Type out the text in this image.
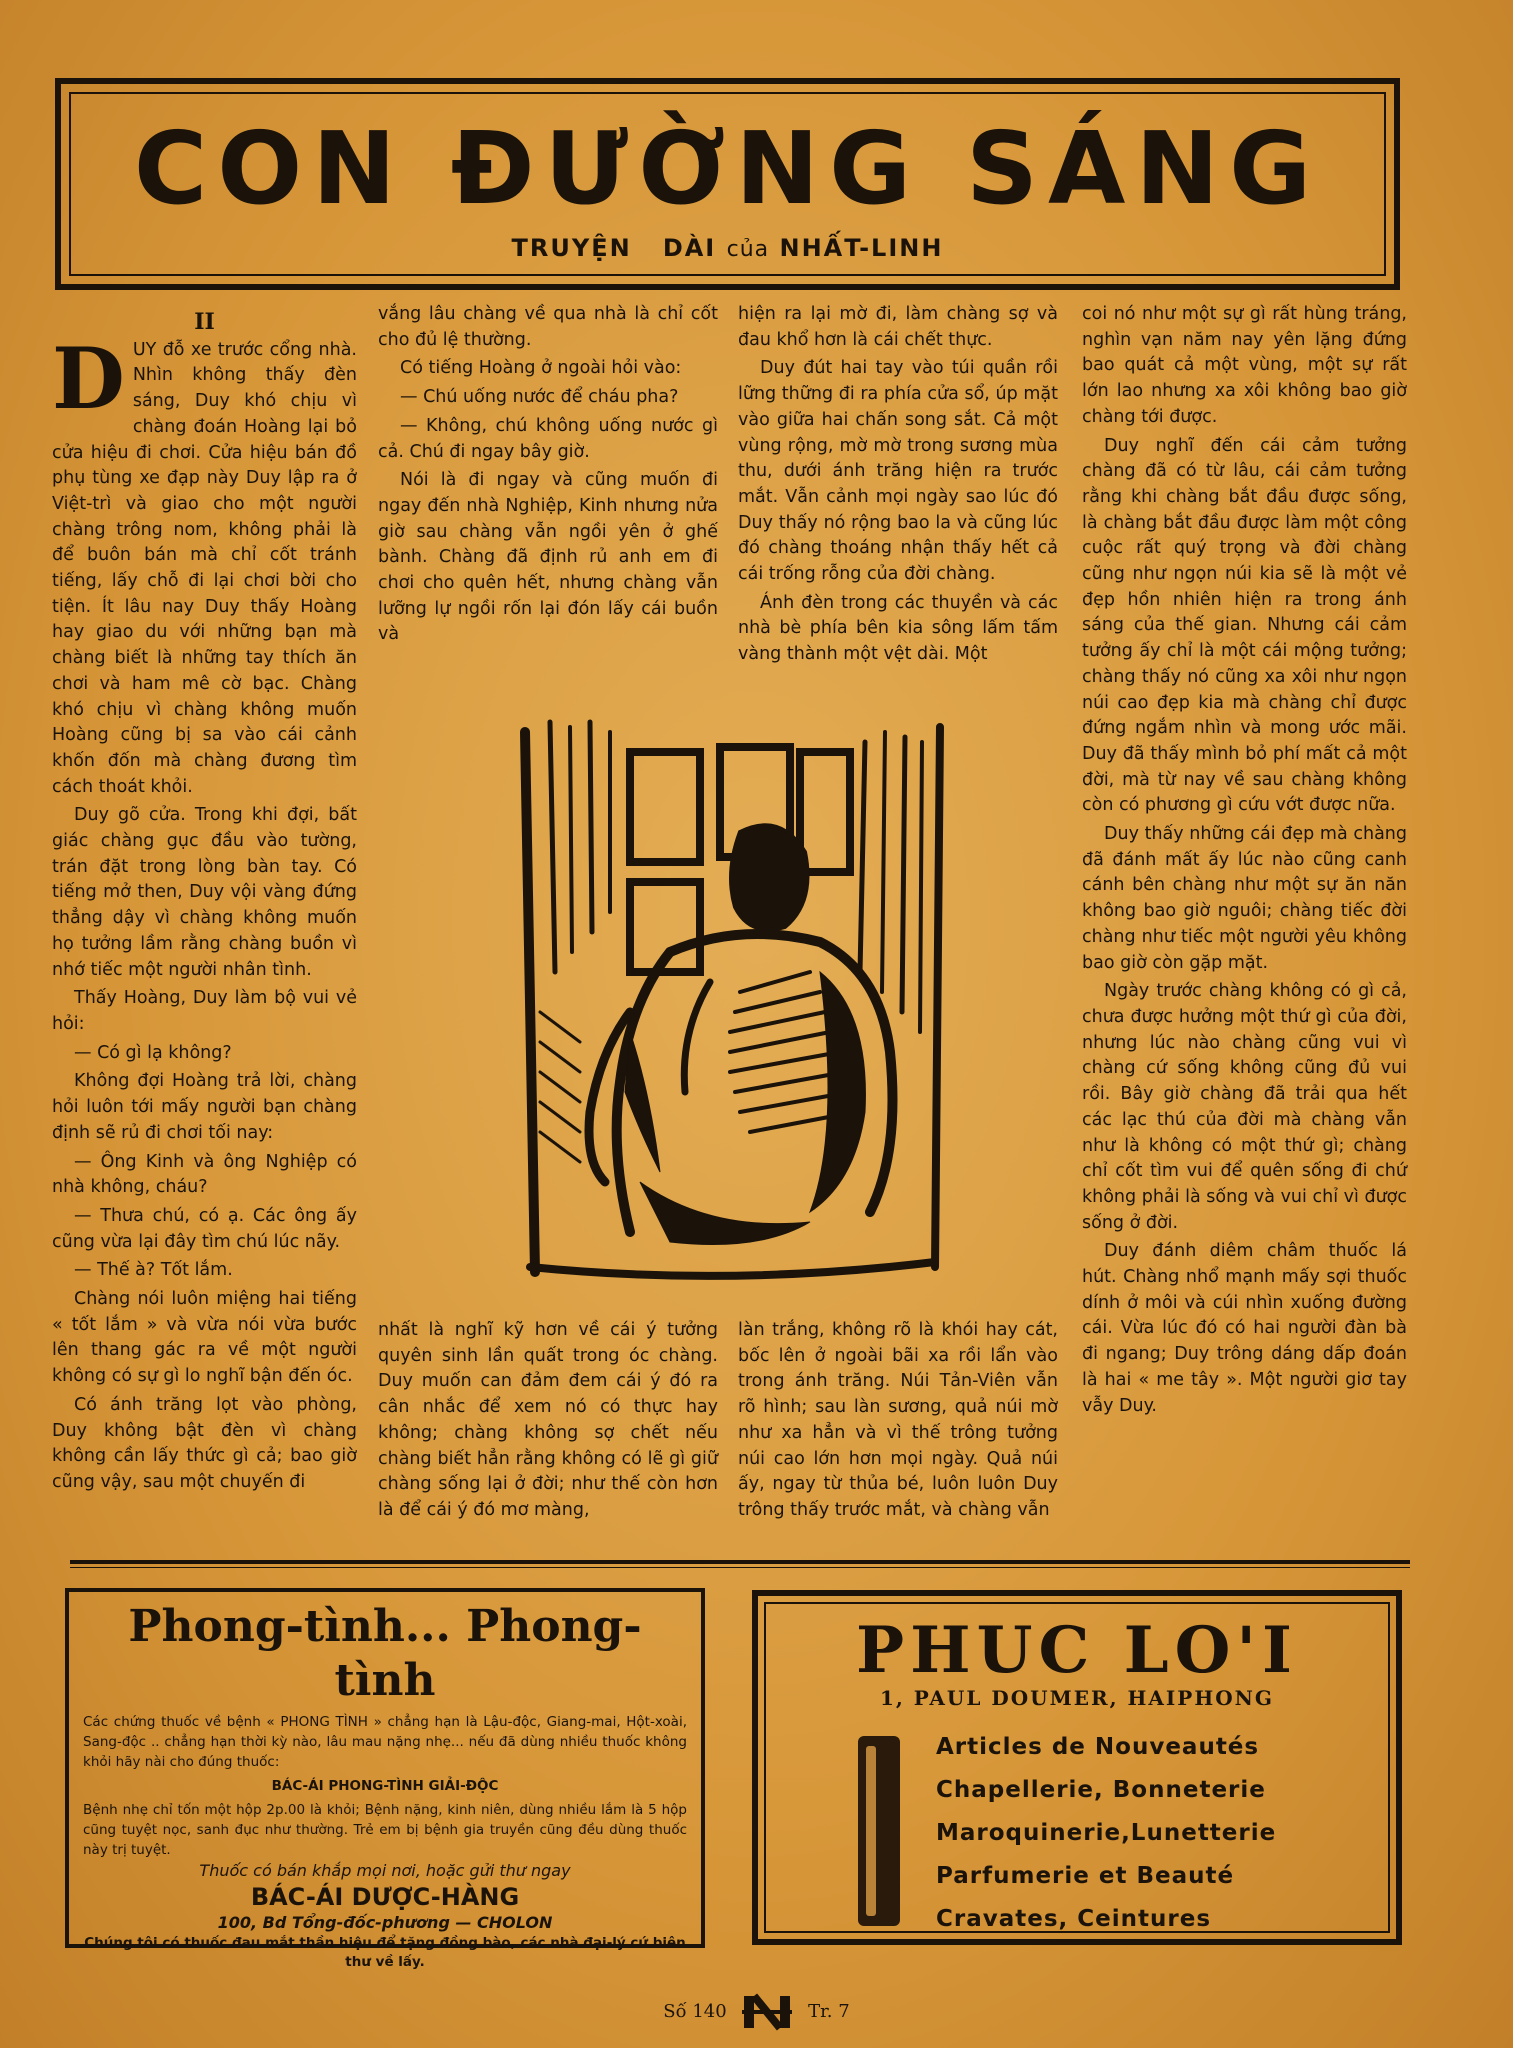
CON ĐƯỜNG SÁNG
TRUYỆN DÀI của NHẤT-LINH
II
D UY đỗ xe trước cổng nhà. Nhìn không thấy đèn sáng, Duy khó chịu vì chàng đoán Hoàng lại bỏ cửa hiệu đi chơi. Cửa hiệu bán đồ phụ tùng xe đạp này Duy lập ra ở Việt-trì và giao cho một người chàng trông nom, không phải là để buôn bán mà chỉ cốt tránh tiếng, lấy chỗ đi lại chơi bời cho tiện. Ít lâu nay Duy thấy Hoàng hay giao du với những bạn mà chàng biết là những tay thích ăn chơi và ham mê cờ bạc. Chàng khó chịu vì chàng không muốn Hoàng cũng bị sa vào cái cảnh khốn đốn mà chàng đương tìm cách thoát khỏi.

Duy gõ cửa. Trong khi đợi, bất giác chàng gục đầu vào tường, trán đặt trong lòng bàn tay. Có tiếng mở then, Duy vội vàng đứng thẳng dậy vì chàng không muốn họ tưởng lầm rằng chàng buồn vì nhớ tiếc một người nhân tình.

Thấy Hoàng, Duy làm bộ vui vẻ hỏi:

— Có gì lạ không?

Không đợi Hoàng trả lời, chàng hỏi luôn tới mấy người bạn chàng định sẽ rủ đi chơi tối nay:

— Ông Kinh và ông Nghiệp có nhà không, cháu?

— Thưa chú, có ạ. Các ông ấy cũng vừa lại đây tìm chú lúc nãy.

— Thế à? Tốt lắm.

Chàng nói luôn miệng hai tiếng « tốt lắm » và vừa nói vừa bước lên thang gác ra về một người không có sự gì lo nghĩ bận đến óc.

Có ánh trăng lọt vào phòng, Duy không bật đèn vì chàng không cần lấy thức gì cả; bao giờ cũng vậy, sau một chuyến đi

vắng lâu chàng về qua nhà là chỉ cốt cho đủ lệ thường.

Có tiếng Hoàng ở ngoài hỏi vào:

— Chú uống nước để cháu pha?

— Không, chú không uống nước gì cả. Chú đi ngay bây giờ.

Nói là đi ngay và cũng muốn đi ngay đến nhà Nghiệp, Kinh nhưng nửa giờ sau chàng vẫn ngồi yên ở ghế bành. Chàng đã định rủ anh em đi chơi cho quên hết, nhưng chàng vẫn lưỡng lự ngồi rốn lại đón lấy cái buồn và

hiện ra lại mờ đi, làm chàng sợ và đau khổ hơn là cái chết thực.

Duy đút hai tay vào túi quần rồi lững thững đi ra phía cửa sổ, úp mặt vào giữa hai chấn song sắt. Cả một vùng rộng, mờ mờ trong sương mùa thu, dưới ánh trăng hiện ra trước mắt. Vẫn cảnh mọi ngày sao lúc đó Duy thấy nó rộng bao la và cũng lúc đó chàng thoáng nhận thấy hết cả cái trống rỗng của đời chàng.

Ánh đèn trong các thuyền và các nhà bè phía bên kia sông lấm tấm vàng thành một vệt dài. Một

nhất là nghĩ kỹ hơn về cái ý tưởng quyên sinh lần quất trong óc chàng. Duy muốn can đảm đem cái ý đó ra cân nhắc để xem nó có thực hay không; chàng không sợ chết nếu chàng biết hẳn rằng không có lẽ gì giữ chàng sống lại ở đời; như thế còn hơn là để cái ý đó mơ màng,

làn trắng, không rõ là khói hay cát, bốc lên ở ngoài bãi xa rồi lẩn vào trong ánh trăng. Núi Tản-Viên vẫn rõ hình; sau làn sương, quả núi mờ như xa hẳn và vì thế trông tưởng núi cao lớn hơn mọi ngày. Quả núi ấy, ngay từ thủa bé, luôn luôn Duy trông thấy trước mắt, và chàng vẫn

coi nó như một sự gì rất hùng tráng, nghìn vạn năm nay yên lặng đứng bao quát cả một vùng, một sự rất lớn lao nhưng xa xôi không bao giờ chàng tới được.

Duy nghĩ đến cái cảm tưởng chàng đã có từ lâu, cái cảm tưởng rằng khi chàng bắt đầu được sống, là chàng bắt đầu được làm một công cuộc rất quý trọng và đời chàng cũng như ngọn núi kia sẽ là một vẻ đẹp hồn nhiên hiện ra trong ánh sáng của thế gian. Nhưng cái cảm tưởng ấy chỉ là một cái mộng tưởng; chàng thấy nó cũng xa xôi như ngọn núi cao đẹp kia mà chàng chỉ được đứng ngắm nhìn và mong ước mãi. Duy đã thấy mình bỏ phí mất cả một đời, mà từ nay về sau chàng không còn có phương gì cứu vớt được nữa.

Duy thấy những cái đẹp mà chàng đã đánh mất ấy lúc nào cũng canh cánh bên chàng như một sự ăn năn không bao giờ nguôi; chàng tiếc đời chàng như tiếc một người yêu không bao giờ còn gặp mặt.

Ngày trước chàng không có gì cả, chưa được hưởng một thứ gì của đời, nhưng lúc nào chàng cũng vui vì chàng cứ sống không cũng đủ vui rồi. Bây giờ chàng đã trải qua hết các lạc thú của đời mà chàng vẫn như là không có một thứ gì; chàng chỉ cốt tìm vui để quên sống đi chứ không phải là sống và vui chỉ vì được sống ở đời.

Duy đánh diêm châm thuốc lá hút. Chàng nhổ mạnh mấy sợi thuốc dính ở môi và cúi nhìn xuống đường cái. Vừa lúc đó có hai người đàn bà đi ngang; Duy trông dáng dấp đoán là hai « me tây ». Một người giơ tay vẫy Duy.

Phong-tình... Phong-tình
Các chứng thuốc về bệnh « PHONG TÌNH » chẳng hạn là Lậu-độc, Giang-mai, Hột-xoài, Sang-độc .. chẳng hạn thời kỳ nào, lâu mau nặng nhẹ... nếu đã dùng nhiều thuốc không khỏi hãy nài cho đúng thuốc:
BÁC-ÁI PHONG-TÌNH GIẢI-ĐỘC
Bệnh nhẹ chỉ tốn một hộp 2p.00 là khỏi; Bệnh nặng, kinh niên, dùng nhiều lắm là 5 hộp cũng tuyệt nọc, sanh đục như thường. Trẻ em bị bệnh gia truyền cũng đều dùng thuốc này trị tuyệt.
Thuốc có bán khắp mọi nơi, hoặc gửi thư ngay
BÁC-ÁI DƯỢC-HÀNG
100, Bd Tổng-đốc-phương — CHOLON
Chúng tôi có thuốc đau mắt thần hiệu để tặng đồng bào, các nhà đại-lý cứ biên thư về lấy.
PHUC LO'I
1, PAUL DOUMER, HAIPHONG
Articles de Nouveautés
Chapellerie, Bonneterie
Maroquinerie,Lunetterie
Parfumerie et Beauté
Cravates, Ceintures
Số 140	Tr. 7
